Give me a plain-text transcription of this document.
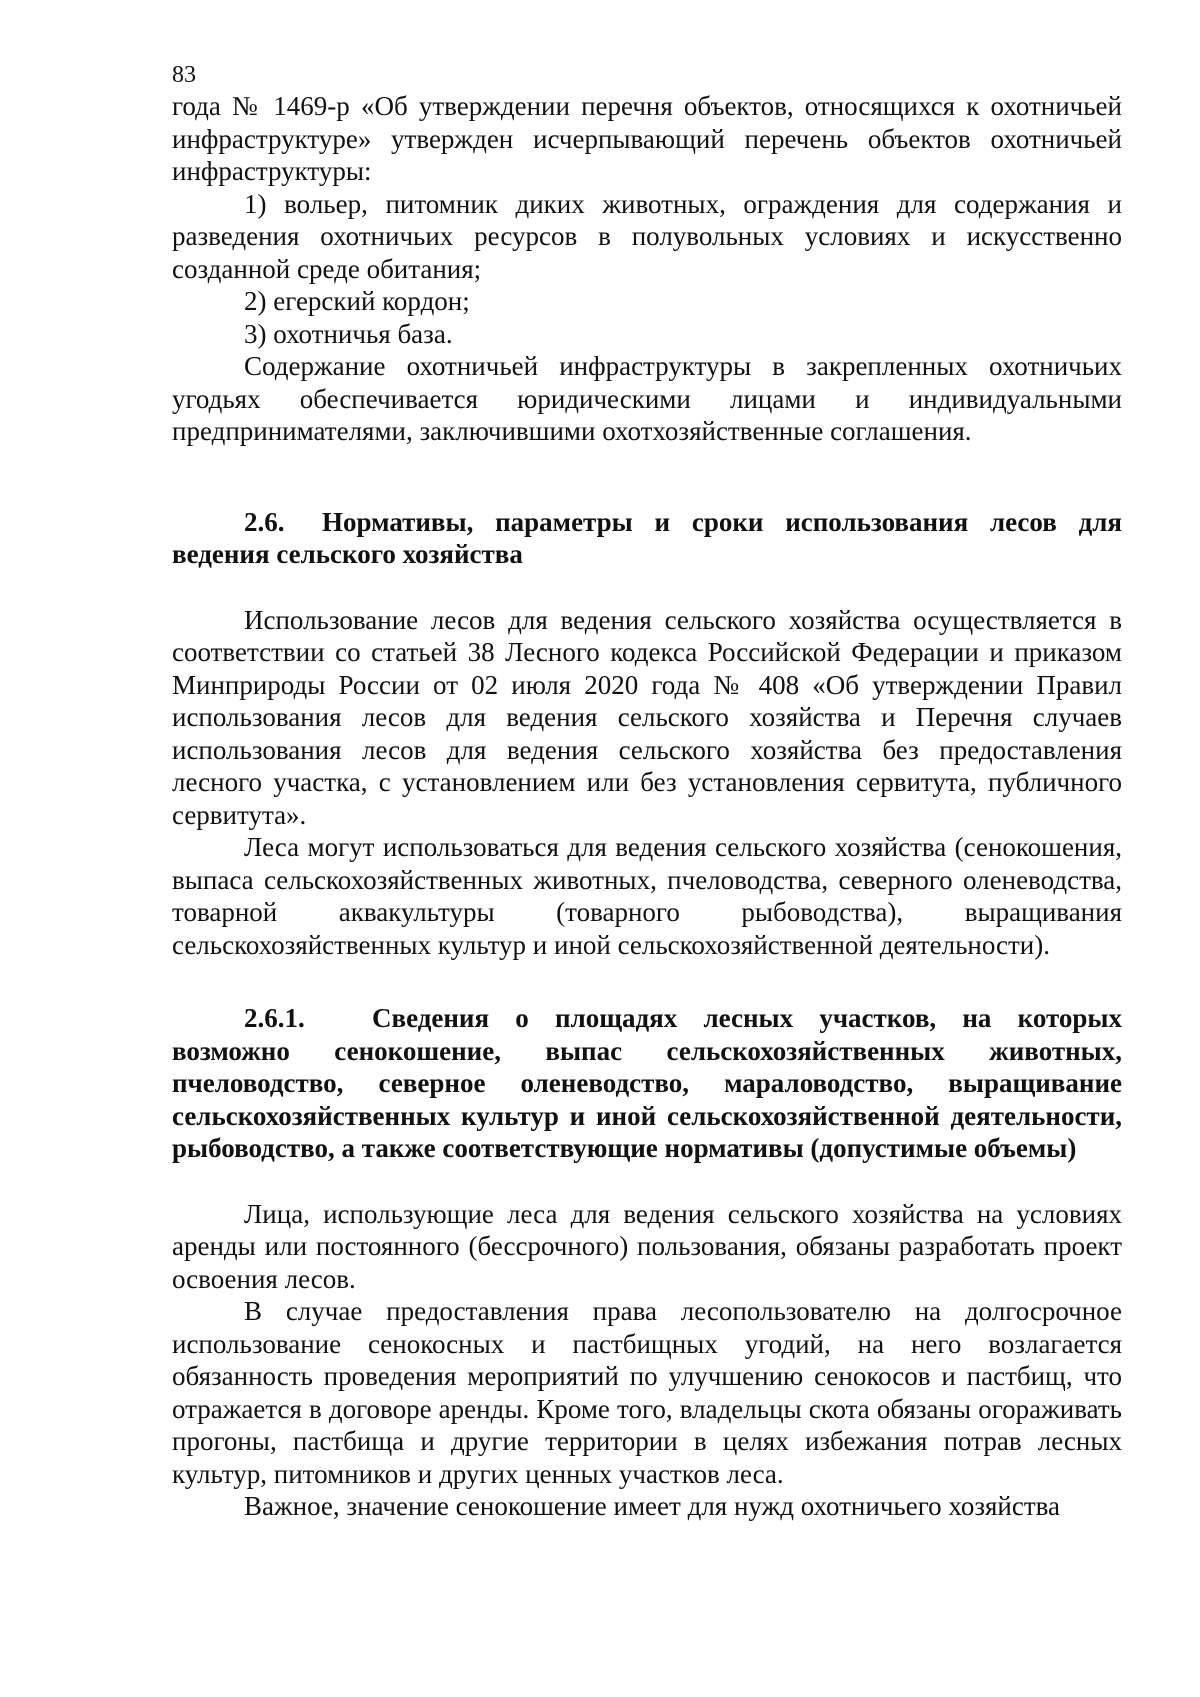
83

года № 1469-р «Об утверждении перечня объектов, относящихся к охотничьей инфраструктуре» утвержден исчерпывающий перечень объектов охотничьей инфраструктуры:

1) вольер, питомник диких животных, ограждения для содержания и разведения охотничьих ресурсов в полувольных условиях и искусственно созданной среде обитания;

2) егерский кордон;

3) охотничья база.

Содержание охотничьей инфраструктуры в закрепленных охотничьих угодьях обеспечивается юридическими лицами и индивидуальными предпринимателями, заключившими охотхозяйственные соглашения.

2.6. Нормативы, параметры и сроки использования лесов для ведения сельского хозяйства

Использование лесов для ведения сельского хозяйства осуществляется в соответствии со статьей 38 Лесного кодекса Российской Федерации и приказом Минприроды России от 02 июля 2020 года № 408 «Об утверждении Правил использования лесов для ведения сельского хозяйства и Перечня случаев использования лесов для ведения сельского хозяйства без предоставления лесного участка, с установлением или без установления сервитута, публичного сервитута».

Леса могут использоваться для ведения сельского хозяйства (сенокошения, выпаса сельскохозяйственных животных, пчеловодства, северного оленеводства, товарной аквакультуры (товарного рыбоводства), выращивания сельскохозяйственных культур и иной сельскохозяйственной деятельности).

2.6.1. Сведения о площадях лесных участков, на которых возможно сенокошение, выпас сельскохозяйственных животных, пчеловодство, северное оленеводство, мараловодство, выращивание сельскохозяйственных культур и иной сельскохозяйственной деятельности, рыбоводство, а также соответствующие нормативы (допустимые объемы)

Лица, использующие леса для ведения сельского хозяйства на условиях аренды или постоянного (бессрочного) пользования, обязаны разработать проект освоения лесов.

В случае предоставления права лесопользователю на долгосрочное использование сенокосных и пастбищных угодий, на него возлагается обязанность проведения мероприятий по улучшению сенокосов и пастбищ, что отражается в договоре аренды. Кроме того, владельцы скота обязаны огораживать прогоны, пастбища и другие территории в целях избежания потрав лесных культур, питомников и других ценных участков леса.

Важное, значение сенокошение имеет для нужд охотничьего хозяйства
